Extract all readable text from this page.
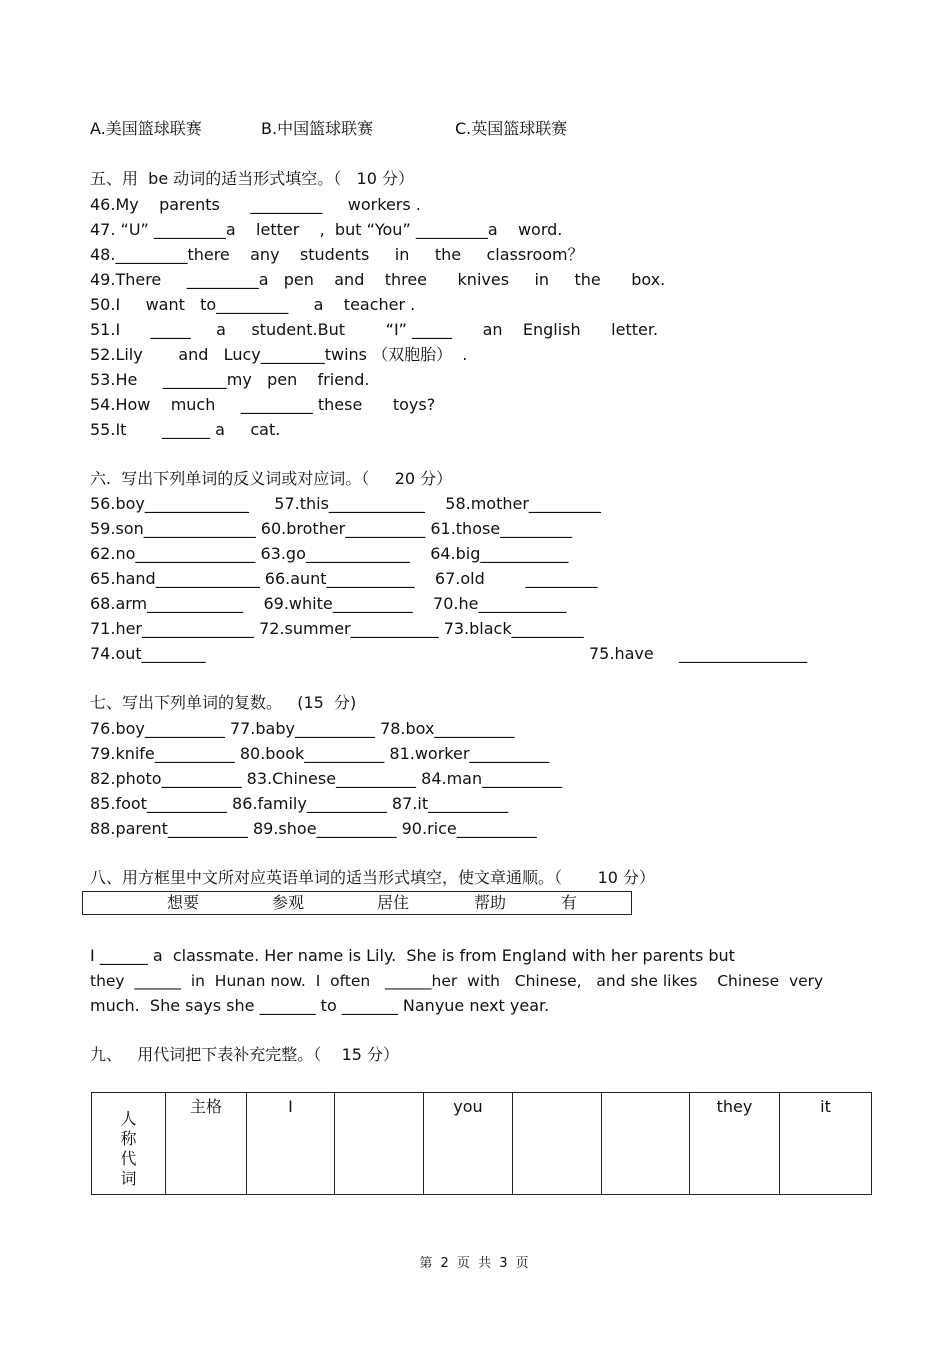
A.美国篮球联赛	B.中国篮球联赛	C.英国篮球联赛
五、用  be 动词的适当形式填空。（   10 分）
46.My    parents      _________     workers .
47. “U” _________a    letter    ,  but “You” _________a    word.
48._________there    any    students     in     the     classroom？
49.There     _________a   pen    and    three      knives     in     the      box.
50.I     want   to_________     a    teacher .
51.I      _____     a     student.But        “I” _____      an    English      letter.
52.Lily       and   Lucy________twins （双胞胎）  .
53.He     ________my   pen    friend.
54.How    much     _________ these      toys?
55.It       ______ a     cat.
六.  写出下列单词的反义词或对应词。（     20 分）
56.boy_____________     57.this____________    58.mother_________
59.son______________ 60.brother__________ 61.those_________
62.no_______________ 63.go_____________    64.big___________
65.hand_____________ 66.aunt___________    67.old        _________
68.arm____________    69.white__________    70.he___________
71.her______________ 72.summer___________ 73.black_________
74.out________	75.have     ________________
七、写出下列单词的复数。   (15  分)
76.boy__________ 77.baby__________ 78.box__________
79.knife__________ 80.book__________ 81.worker__________
82.photo__________ 83.Chinese__________ 84.man__________
85.foot__________ 86.family__________ 87.it__________
88.parent__________ 89.shoe__________ 90.rice__________
八、用方框里中文所对应英语单词的适当形式填空，使文章通顺。（       10 分）
想要	参观	居住	帮助	有
I ______ a  classmate. Her name is Lily.  She is from England with her parents but
they  ______  in  Hunan now.  I  often   ______her  with   Chinese,   and she likes    Chinese  very
much.  She says she _______ to _______ Nanyue next year.
九、   用代词把下表补充完整。（    15 分）
人
称
代
词	主格	I		you			they	it
第 2 页 共 3 页
